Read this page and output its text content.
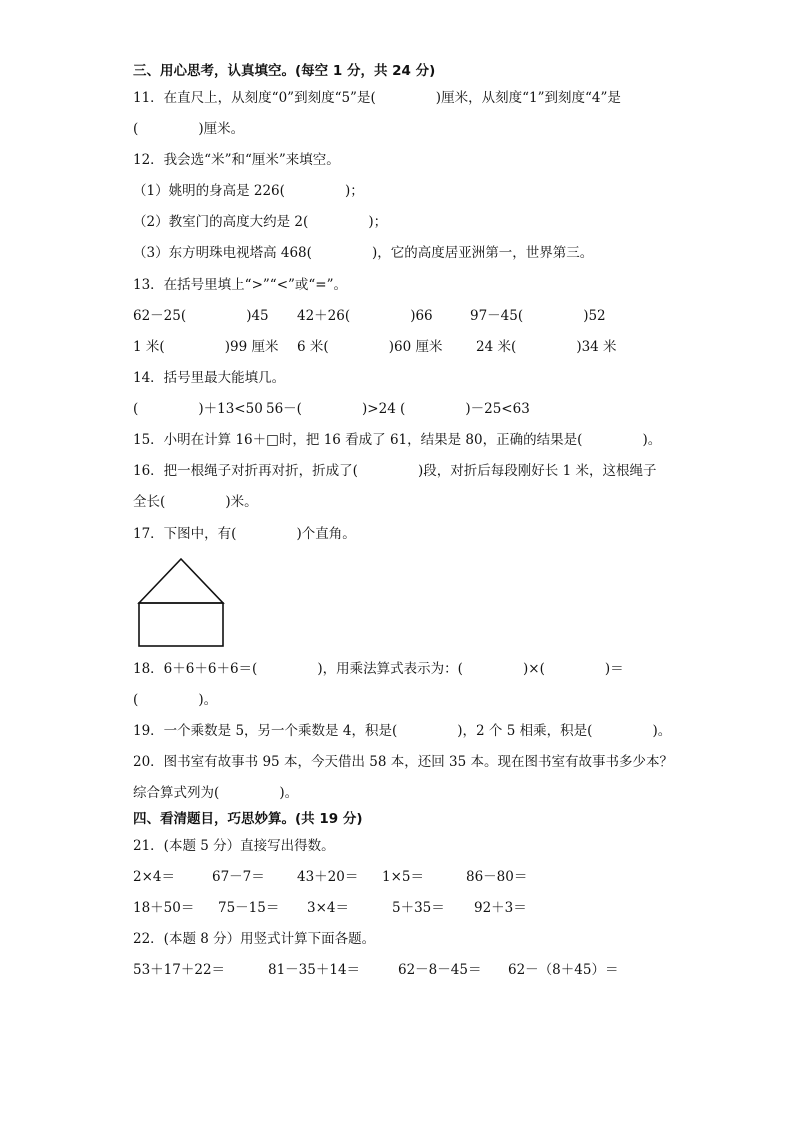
三、用心思考，认真填空。(每空 1 分，共 24 分)
11．在直尺上，从刻度“0”到刻度“5”是(              )厘米，从刻度“1”到刻度“4”是
(              )厘米。
12．我会选“米”和“厘米”来填空。
（1）姚明的身高是 226(              )；
（2）教室门的高度大约是 2(              )；
（3）东方明珠电视塔高 468(              )，它的高度居亚洲第一，世界第三。
13．在括号里填上“>”“<”或“=”。
62－25(              )45 42＋26(              )66	97－45(              )52
1 米(              )99 厘米 6 米(              )60 厘米 24 米(              )34 米
14．括号里最大能填几。
(              )＋13<50 56－(              )>24 (              )－25<63
15．小明在计算 16＋□时，把 16 看成了 61，结果是 80，正确的结果是(              )。
16．把一根绳子对折再对折，折成了(              )段，对折后每段刚好长 1 米，这根绳子
全长(              )米。
17．下图中，有(              )个直角。
18．6＋6＋6＋6＝(              )，用乘法算式表示为：(              )×(              )＝
(              )。
19．一个乘数是 5，另一个乘数是 4，积是(              )，2 个 5 相乘，积是(              )。
20．图书室有故事书 95 本，今天借出 58 本，还回 35 本。现在图书室有故事书多少本？
综合算式列为(              )。
四、看清题目，巧思妙算。(共 19 分)
21．(本题 5 分）直接写出得数。
2×4＝	67－7＝ 43＋20＝ 1×5＝	86－80＝
18＋50＝ 75－15＝ 3×4＝	5＋35＝ 92＋3＝
22．(本题 8 分）用竖式计算下面各题。
53＋17＋22＝	81－35＋14＝	62－8－45＝ 62－（8＋45）＝
